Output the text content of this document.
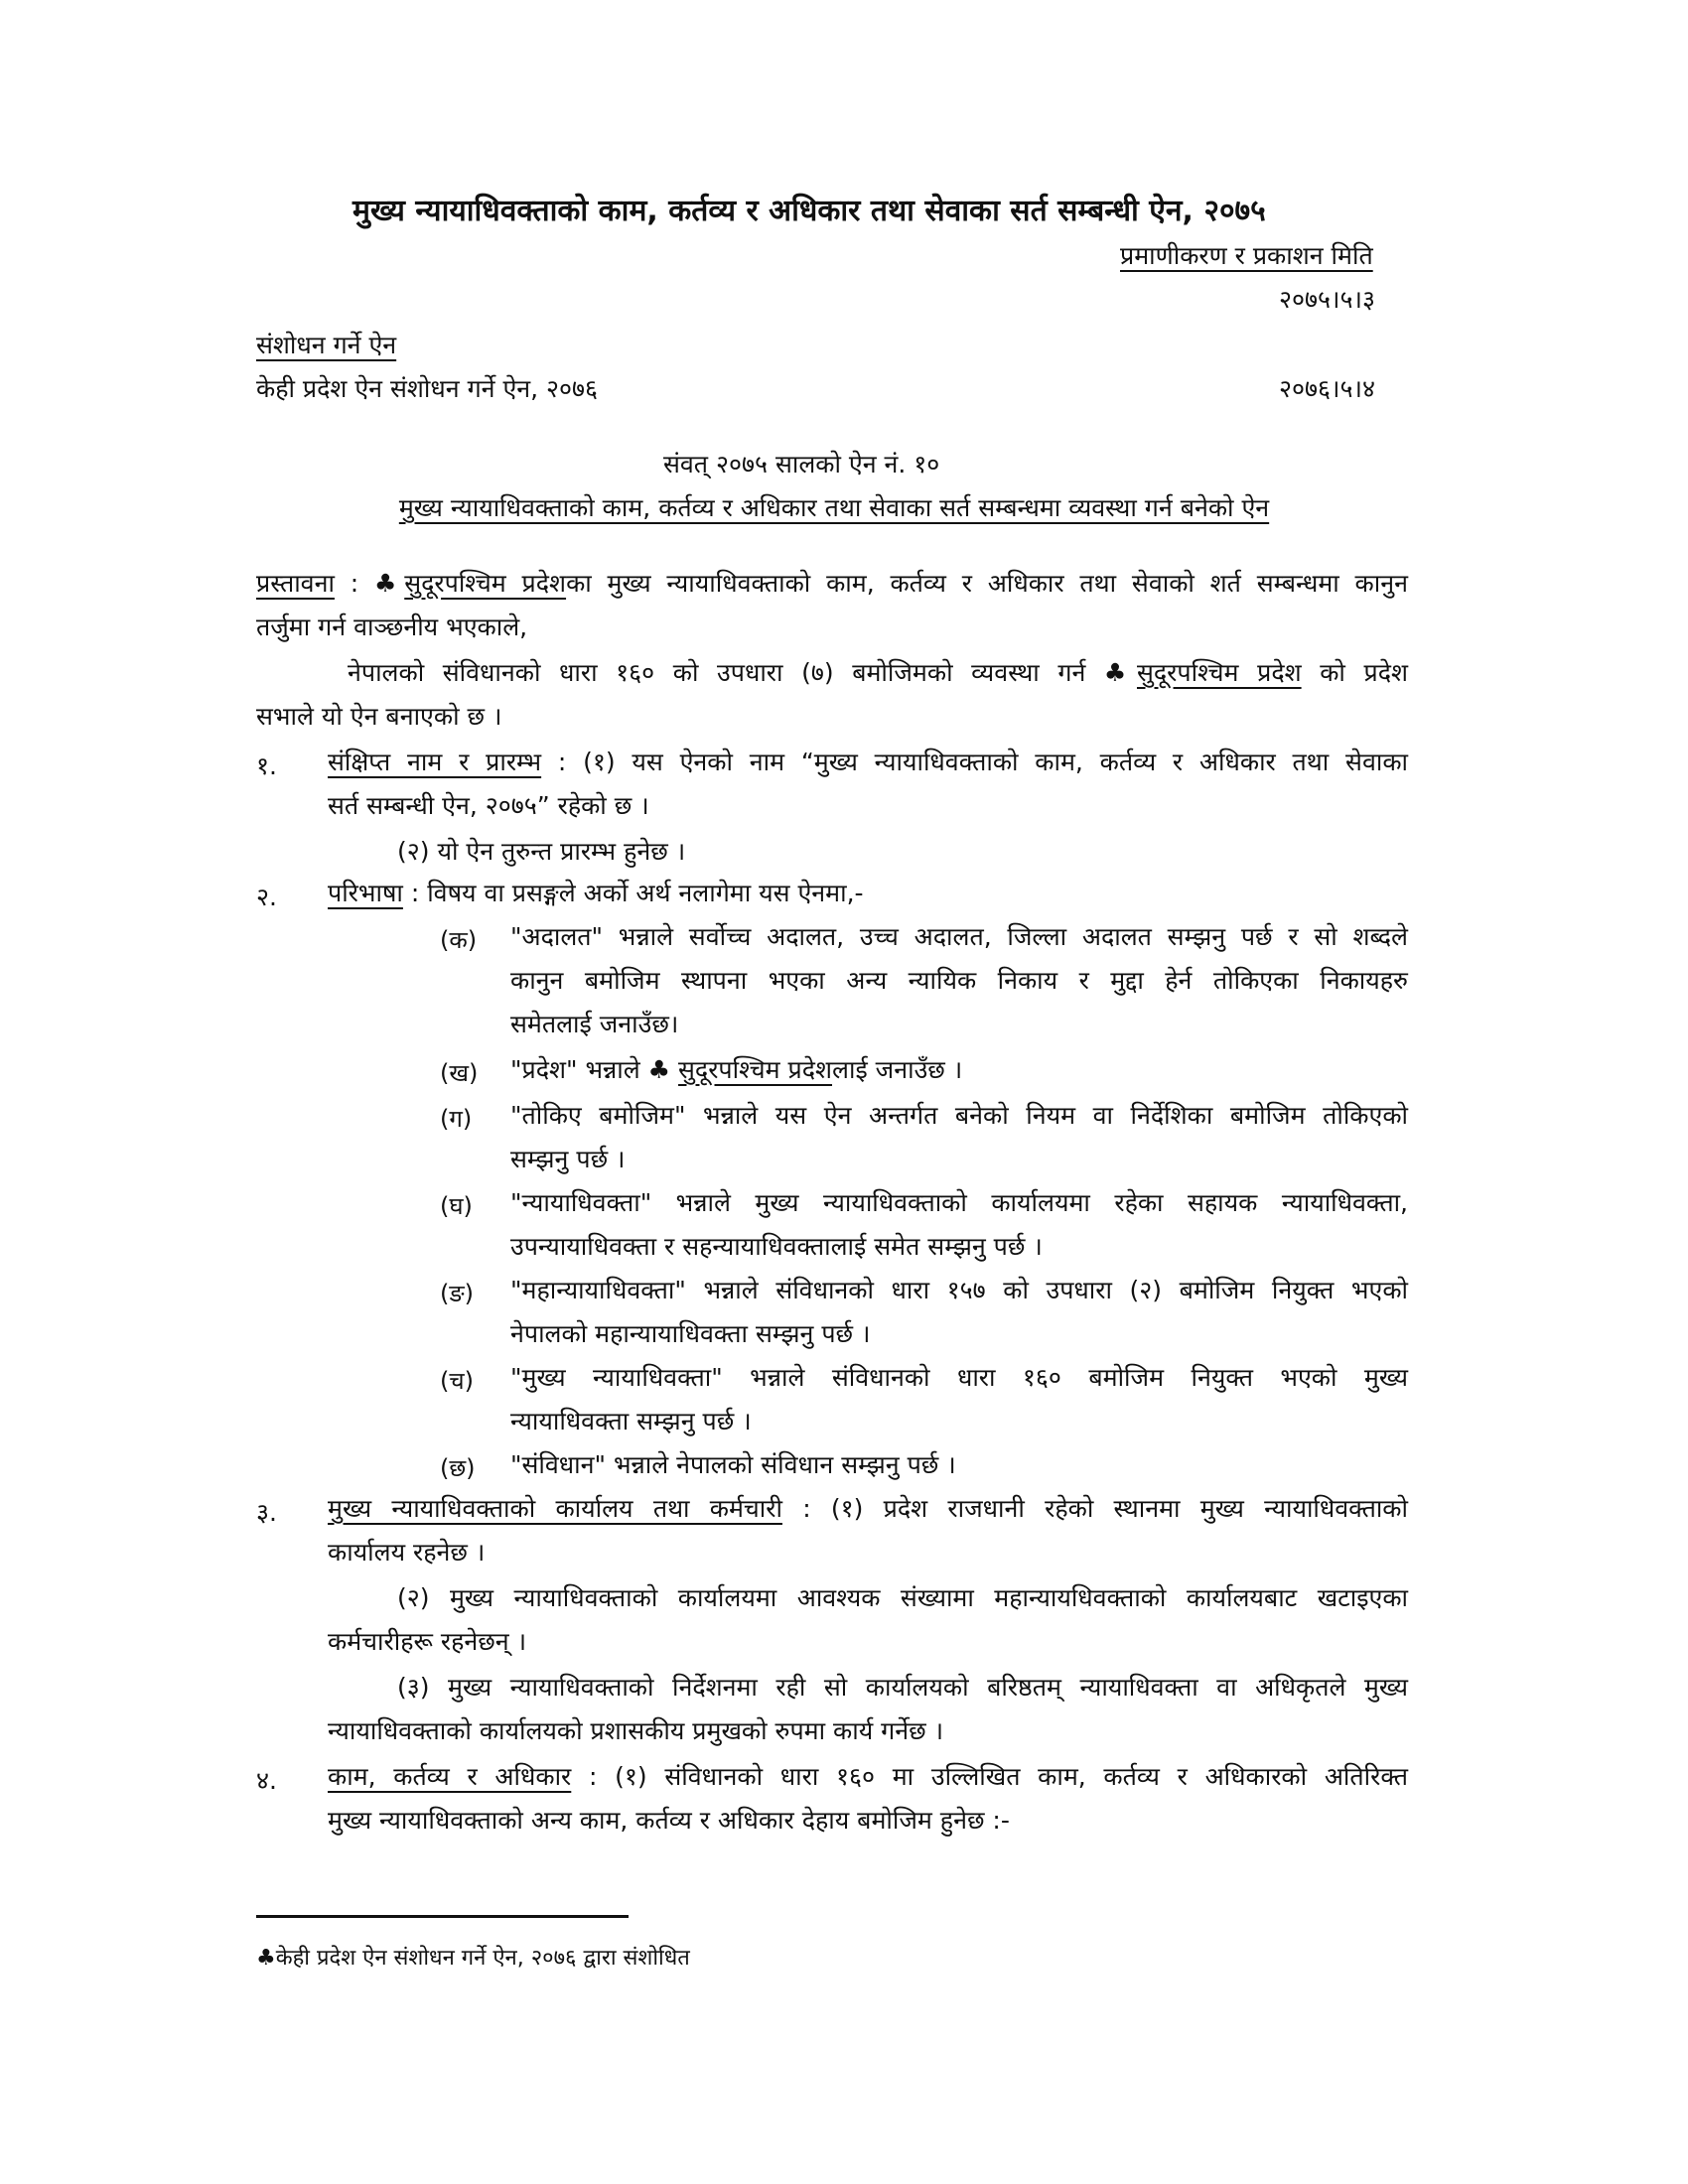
मुख्य न्यायाधिवक्ताको काम, कर्तव्य र अधिकार तथा सेवाका सर्त सम्बन्धी ऐन, २०७५
प्रमाणीकरण र प्रकाशन मिति
२०७५।५।३
संशोधन गर्ने ऐन
केही प्रदेश ऐन संशोधन गर्ने ऐन, २०७६	२०७६।५।४
संवत् २०७५ सालको ऐन नं. १०
मुख्य न्यायाधिवक्ताको काम, कर्तव्य र अधिकार तथा सेवाका सर्त सम्बन्धमा व्यवस्था गर्न बनेको ऐन
प्रस्तावना : ♣सुदूरपश्चिम प्रदेशका मुख्य न्यायाधिवक्ताको काम, कर्तव्य र अधिकार तथा सेवाको शर्त सम्बन्धमा कानुन
तर्जुमा गर्न वाञ्छनीय भएकाले,
नेपालको संविधानको धारा १६० को उपधारा (७) बमोजिमको व्यवस्था गर्न ♣सुदूरपश्चिम प्रदेश को प्रदेश
सभाले यो ऐन बनाएको छ ।
१. संक्षिप्त नाम र प्रारम्भ : (१) यस ऐनको नाम “मुख्य न्यायाधिवक्ताको काम, कर्तव्य र अधिकार तथा सेवाका
सर्त सम्बन्धी ऐन, २०७५” रहेको छ ।
(२) यो ऐन तुरुन्त प्रारम्भ हुनेछ ।
२. परिभाषा : विषय वा प्रसङ्गले अर्को अर्थ नलागेमा यस ऐनमा,-
(क) "अदालत" भन्नाले सर्वोच्च अदालत, उच्च अदालत, जिल्ला अदालत सम्झनु पर्छ र सो शब्दले
कानुन बमोजिम स्थापना भएका अन्य न्यायिक निकाय र मुद्दा हेर्न तोकिएका निकायहरु
समेतलाई जनाउँछ।
(ख) "प्रदेश" भन्नाले ♣ सुदूरपश्चिम प्रदेशलाई जनाउँछ ।
(ग) "तोकिए बमोजिम" भन्नाले यस ऐन अन्तर्गत बनेको नियम वा निर्देशिका बमोजिम तोकिएको
सम्झनु पर्छ ।
(घ) "न्यायाधिवक्ता" भन्नाले मुख्य न्यायाधिवक्ताको कार्यालयमा रहेका सहायक न्यायाधिवक्ता,
उपन्यायाधिवक्ता र सहन्यायाधिवक्तालाई समेत सम्झनु पर्छ ।
(ङ) "महान्यायाधिवक्ता" भन्नाले संविधानको धारा १५७ को उपधारा (२) बमोजिम नियुक्त भएको
नेपालको महान्यायाधिवक्ता सम्झनु पर्छ ।
(च) "मुख्य न्यायाधिवक्ता" भन्नाले संविधानको धारा १६० बमोजिम नियुक्त भएको मुख्य
न्यायाधिवक्ता सम्झनु पर्छ ।
(छ) "संविधान" भन्नाले नेपालको संविधान सम्झनु पर्छ ।
३. मुख्य न्यायाधिवक्ताको कार्यालय तथा कर्मचारी : (१) प्रदेश राजधानी रहेको स्थानमा मुख्य न्यायाधिवक्ताको
कार्यालय रहनेछ ।
(२) मुख्य न्यायाधिवक्ताको कार्यालयमा आवश्यक संख्यामा महान्यायधिवक्ताको कार्यालयबाट खटाइएका
कर्मचारीहरू रहनेछन् ।
(३) मुख्य न्यायाधिवक्ताको निर्देशनमा रही सो कार्यालयको बरिष्ठतम् न्यायाधिवक्ता वा अधिकृतले मुख्य
न्यायाधिवक्ताको कार्यालयको प्रशासकीय प्रमुखको रुपमा कार्य गर्नेछ ।
४. काम, कर्तव्य र अधिकार : (१) संविधानको धारा १६० मा उल्लिखित काम, कर्तव्य र अधिकारको अतिरिक्त
मुख्य न्यायाधिवक्ताको अन्य काम, कर्तव्य र अधिकार देहाय बमोजिम हुनेछ :-
♣केही प्रदेश ऐन संशोधन गर्ने ऐन, २०७६ द्वारा संशोधित
